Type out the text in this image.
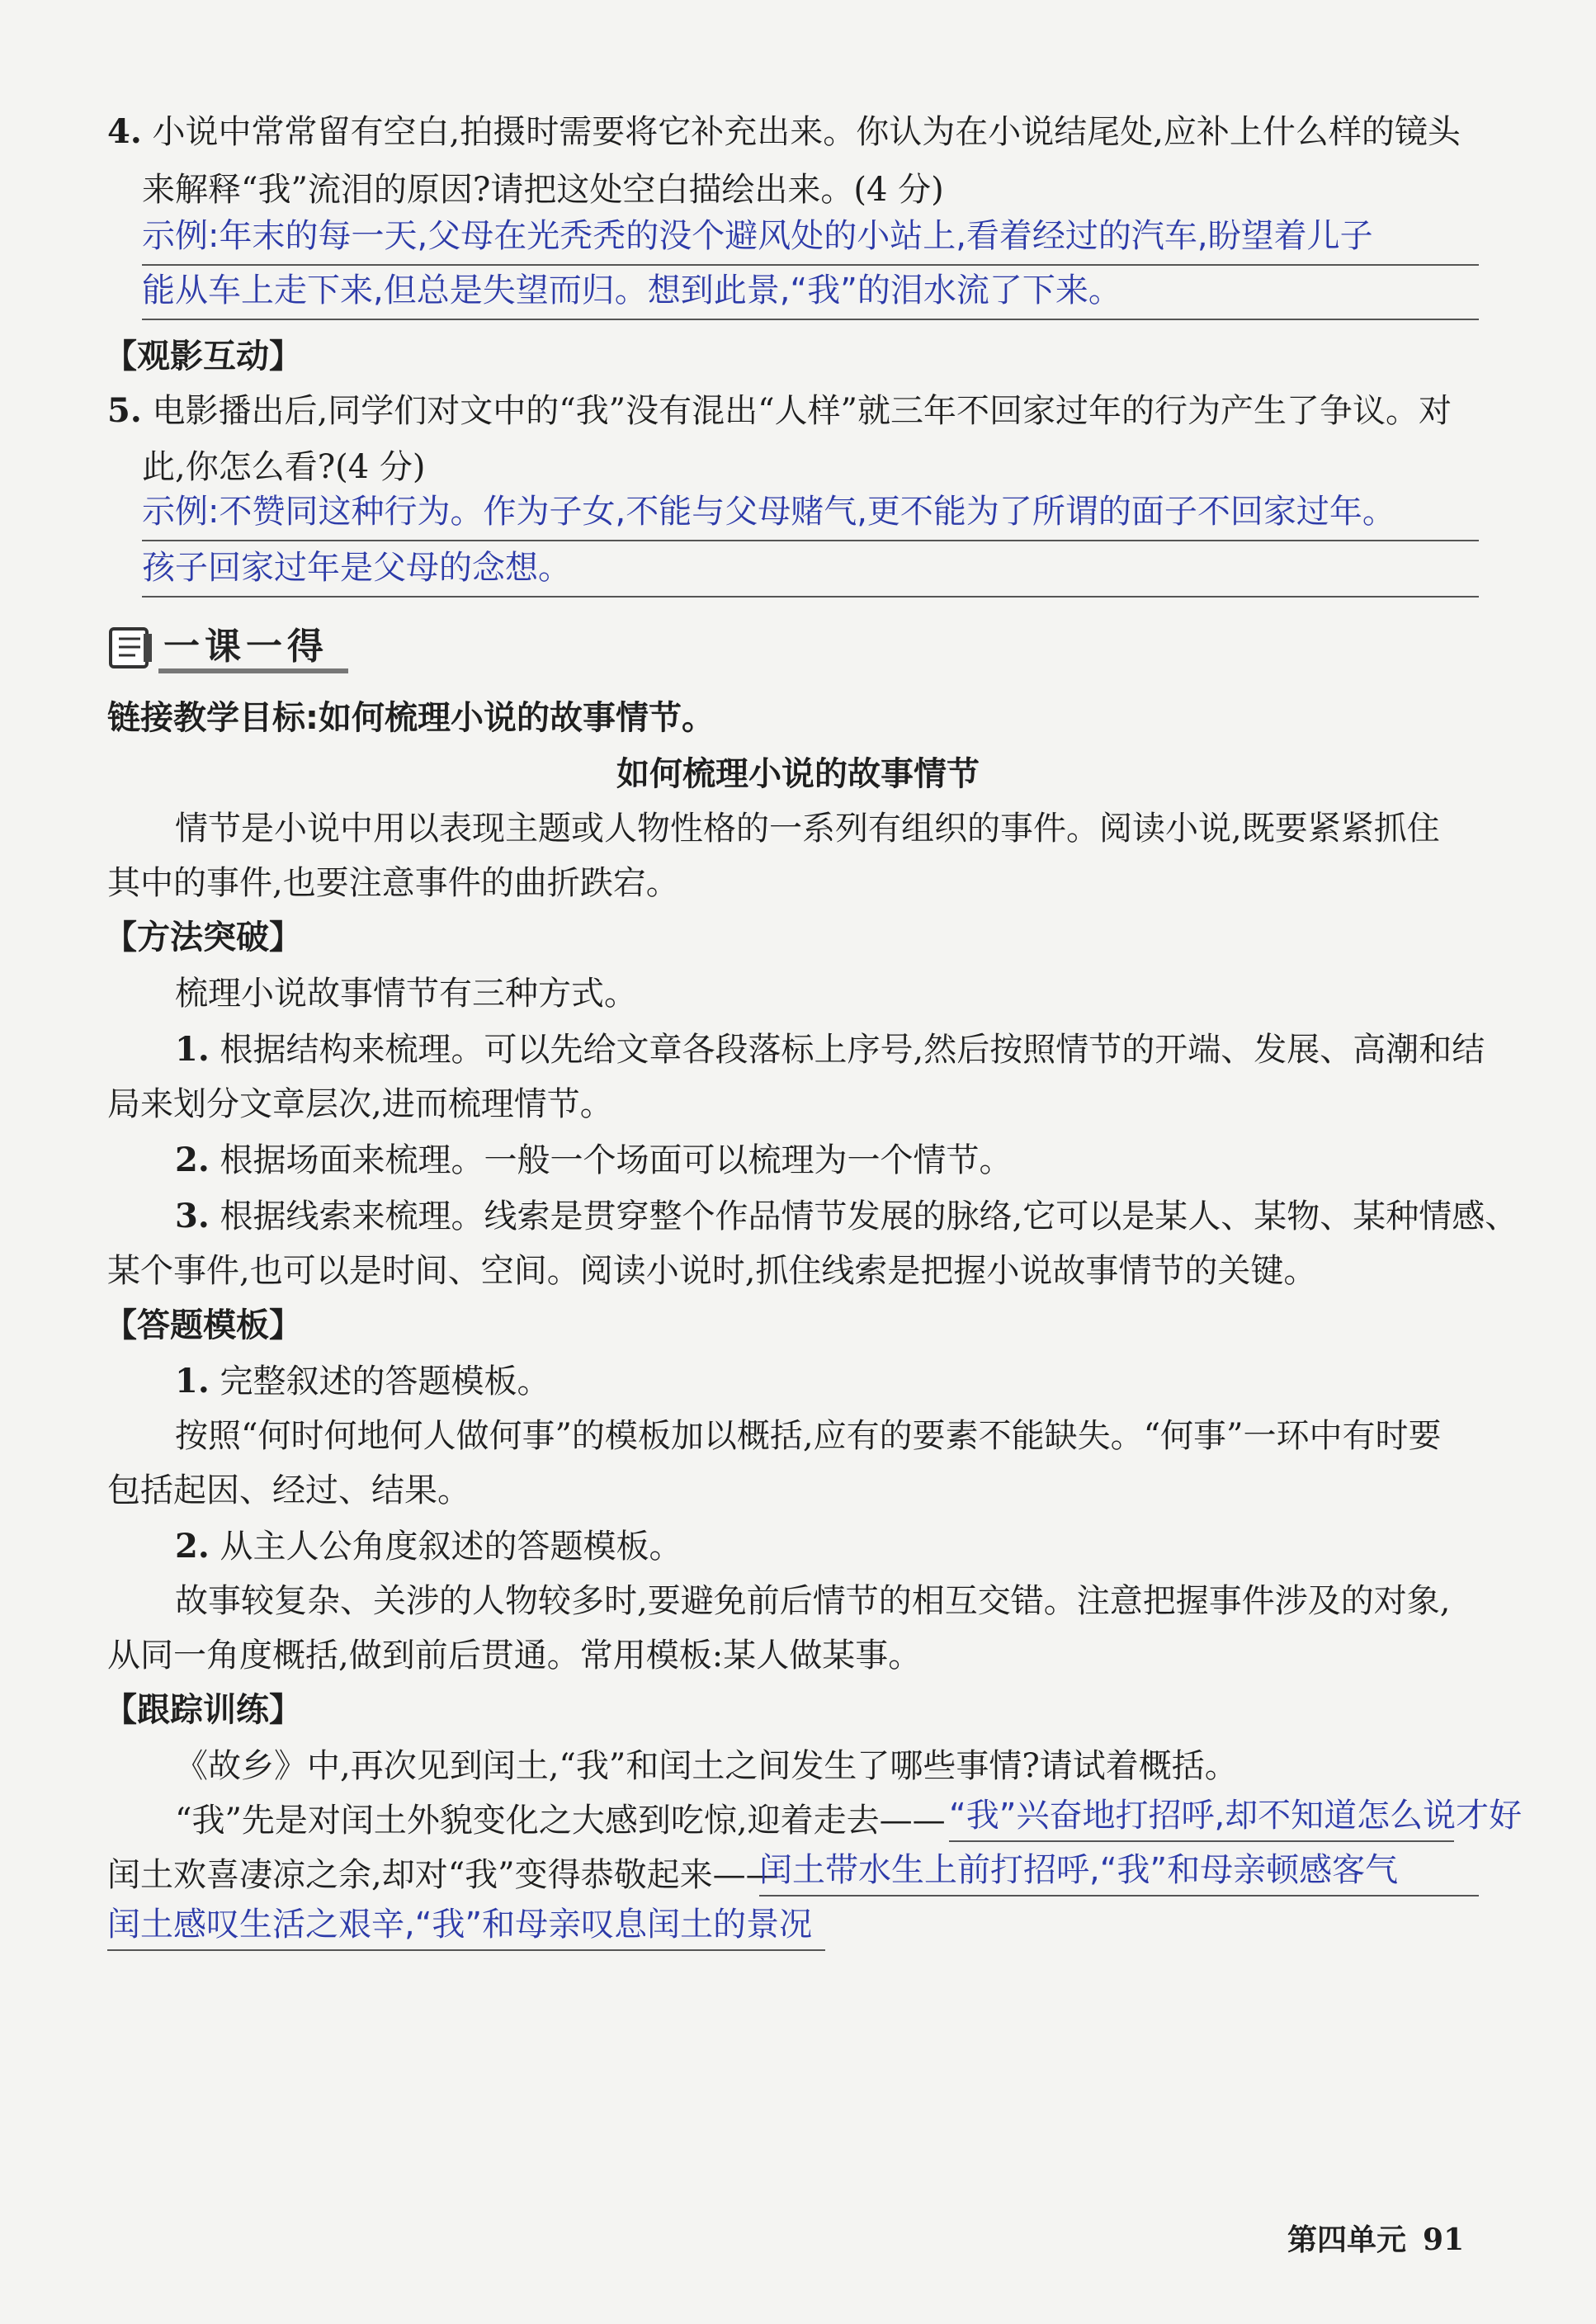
4. 小说中常常留有空白,拍摄时需要将它补充出来。你认为在小说结尾处,应补上什么样的镜头
来解释“我”流泪的原因?请把这处空白描绘出来。(4 分)
示例:年末的每一天,父母在光秃秃的没个避风处的小站上,看着经过的汽车,盼望着儿子
能从车上走下来,但总是失望而归。想到此景,“我”的泪水流了下来。
【观影互动】
5. 电影播出后,同学们对文中的“我”没有混出“人样”就三年不回家过年的行为产生了争议。对
此,你怎么看?(4 分)
示例:不赞同这种行为。作为子女,不能与父母赌气,更不能为了所谓的面子不回家过年。
孩子回家过年是父母的念想。
一课一得
链接教学目标:如何梳理小说的故事情节。
如何梳理小说的故事情节
情节是小说中用以表现主题或人物性格的一系列有组织的事件。阅读小说,既要紧紧抓住
其中的事件,也要注意事件的曲折跌宕。
【方法突破】
梳理小说故事情节有三种方式。
1. 根据结构来梳理。可以先给文章各段落标上序号,然后按照情节的开端、发展、高潮和结
局来划分文章层次,进而梳理情节。
2. 根据场面来梳理。一般一个场面可以梳理为一个情节。
3. 根据线索来梳理。线索是贯穿整个作品情节发展的脉络,它可以是某人、某物、某种情感、
某个事件,也可以是时间、空间。阅读小说时,抓住线索是把握小说故事情节的关键。
【答题模板】
1. 完整叙述的答题模板。
按照“何时何地何人做何事”的模板加以概括,应有的要素不能缺失。“何事”一环中有时要
包括起因、经过、结果。
2. 从主人公角度叙述的答题模板。
故事较复杂、关涉的人物较多时,要避免前后情节的相互交错。注意把握事件涉及的对象,
从同一角度概括,做到前后贯通。常用模板:某人做某事。
【跟踪训练】
《故乡》中,再次见到闰土,“我”和闰土之间发生了哪些事情?请试着概括。
“我”先是对闰土外貌变化之大感到吃惊,迎着走去—— “我”兴奋地打招呼,却不知道怎么说才好
闰土欢喜凄凉之余,却对“我”变得恭敬起来——
闰土带水生上前打招呼,“我”和母亲顿感客气
闰土感叹生活之艰辛,“我”和母亲叹息闰土的景况
第四单元 91
